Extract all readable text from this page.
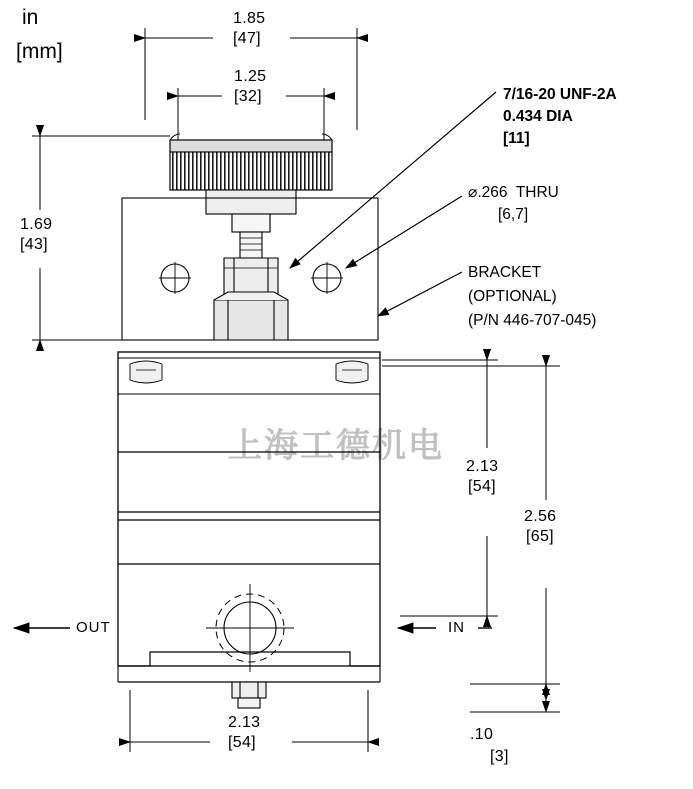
in
[mm]
1.85
[47]
1.25
[32]
1.69
[43]
2.13
[54]
2.56
[65]
2.13
[54]	.10
[3]
7/16-20 UNF-2A
0.434 DIA
[11]
⌀.266  THRU
[6,7]
BRACKET
(OPTIONAL)
(P/N 446-707-045)
OUT	IN
上海工德机电
